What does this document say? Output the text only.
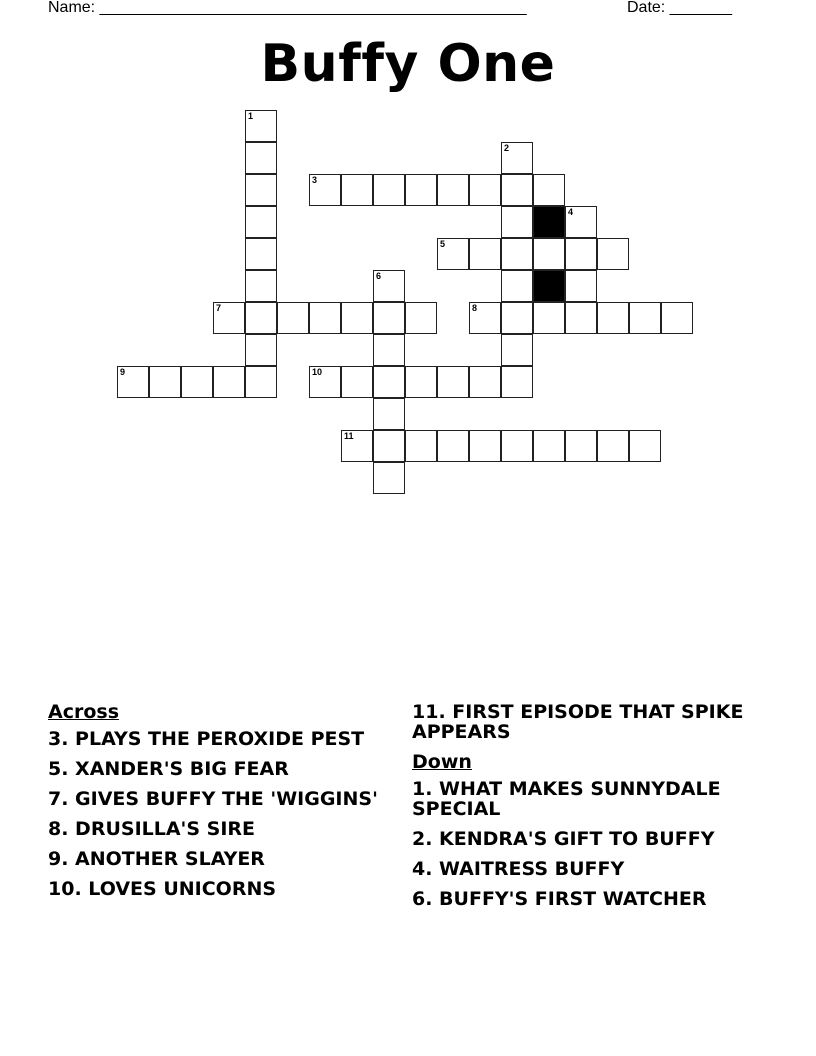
Name: ________________________________________________	Date: _______
Buffy One
1
2
3
4
5
6
7	8
9	10
11
Across
3. PLAYS THE PEROXIDE PEST
5. XANDER'S BIG FEAR
7. GIVES BUFFY THE 'WIGGINS'
8. DRUSILLA'S SIRE
9. ANOTHER SLAYER
10. LOVES UNICORNS
11. FIRST EPISODE THAT SPIKE APPEARS
Down
1. WHAT MAKES SUNNYDALE SPECIAL
2. KENDRA'S GIFT TO BUFFY
4. WAITRESS BUFFY
6. BUFFY'S FIRST WATCHER
